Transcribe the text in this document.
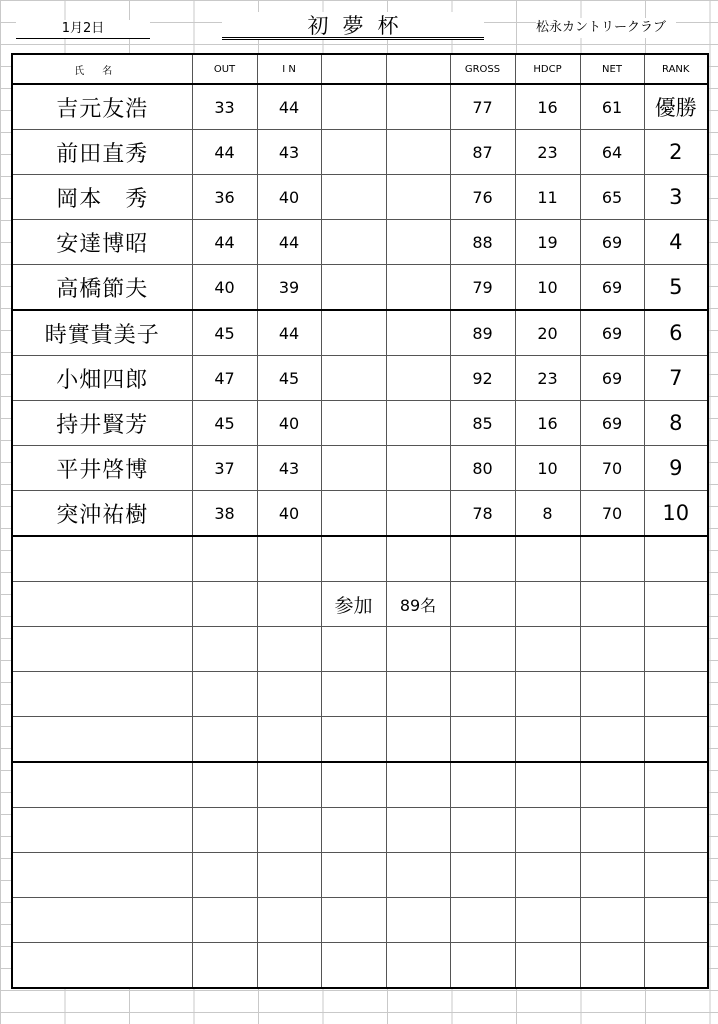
1月2日	初夢杯	松永カントリークラブ
氏名	OUT	I N			GROSS	HDCP	NET	RANK
吉元友浩	33	44			77	16	61	優勝
前田直秀	44	43			87	23	64	2
岡本　秀	36	40			76	11	65	3
安達博昭	44	44			88	19	69	4
高橋節夫	40	39			79	10	69	5
時實貴美子	45	44			89	20	69	6
小畑四郎	47	45			92	23	69	7
持井賢芳	45	40			85	16	69	8
平井啓博	37	43			80	10	70	9
突沖祐樹	38	40			78	8	70	10

			参加	89名				
